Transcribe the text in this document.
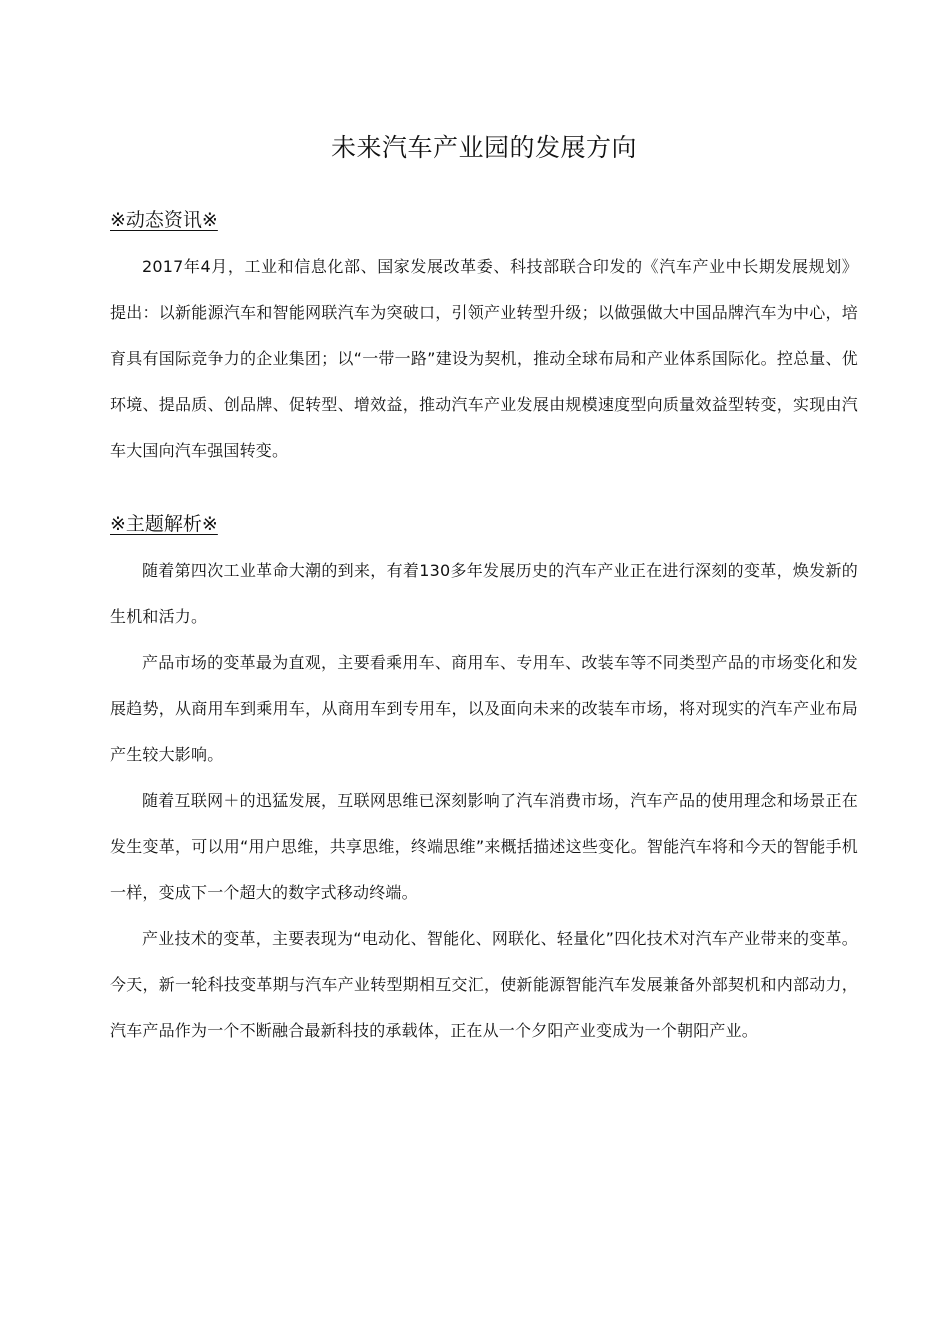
未来汽车产业园的发展方向
※动态资讯※

2017年4月，工业和信息化部、国家发展改革委、科技部联合印发的《汽车产业中长期发展规划》提出：以新能源汽车和智能网联汽车为突破口，引领产业转型升级；以做强做大中国品牌汽车为中心，培育具有国际竞争力的企业集团；以“一带一路”建设为契机，推动全球布局和产业体系国际化。控总量、优环境、提品质、创品牌、促转型、增效益，推动汽车产业发展由规模速度型向质量效益型转变，实现由汽车大国向汽车强国转变。

※主题解析※

随着第四次工业革命大潮的到来，有着130多年发展历史的汽车产业正在进行深刻的变革，焕发新的生机和活力。

产品市场的变革最为直观，主要看乘用车、商用车、专用车、改装车等不同类型产品的市场变化和发展趋势，从商用车到乘用车，从商用车到专用车，以及面向未来的改装车市场，将对现实的汽车产业布局产生较大影响。

随着互联网＋的迅猛发展，互联网思维已深刻影响了汽车消费市场，汽车产品的使用理念和场景正在发生变革，可以用“用户思维，共享思维，终端思维”来概括描述这些变化。智能汽车将和今天的智能手机一样，变成下一个超大的数字式移动终端。

产业技术的变革，主要表现为“电动化、智能化、网联化、轻量化”四化技术对汽车产业带来的变革。今天，新一轮科技变革期与汽车产业转型期相互交汇，使新能源智能汽车发展兼备外部契机和内部动力，汽车产品作为一个不断融合最新科技的承载体，正在从一个夕阳产业变成为一个朝阳产业。
